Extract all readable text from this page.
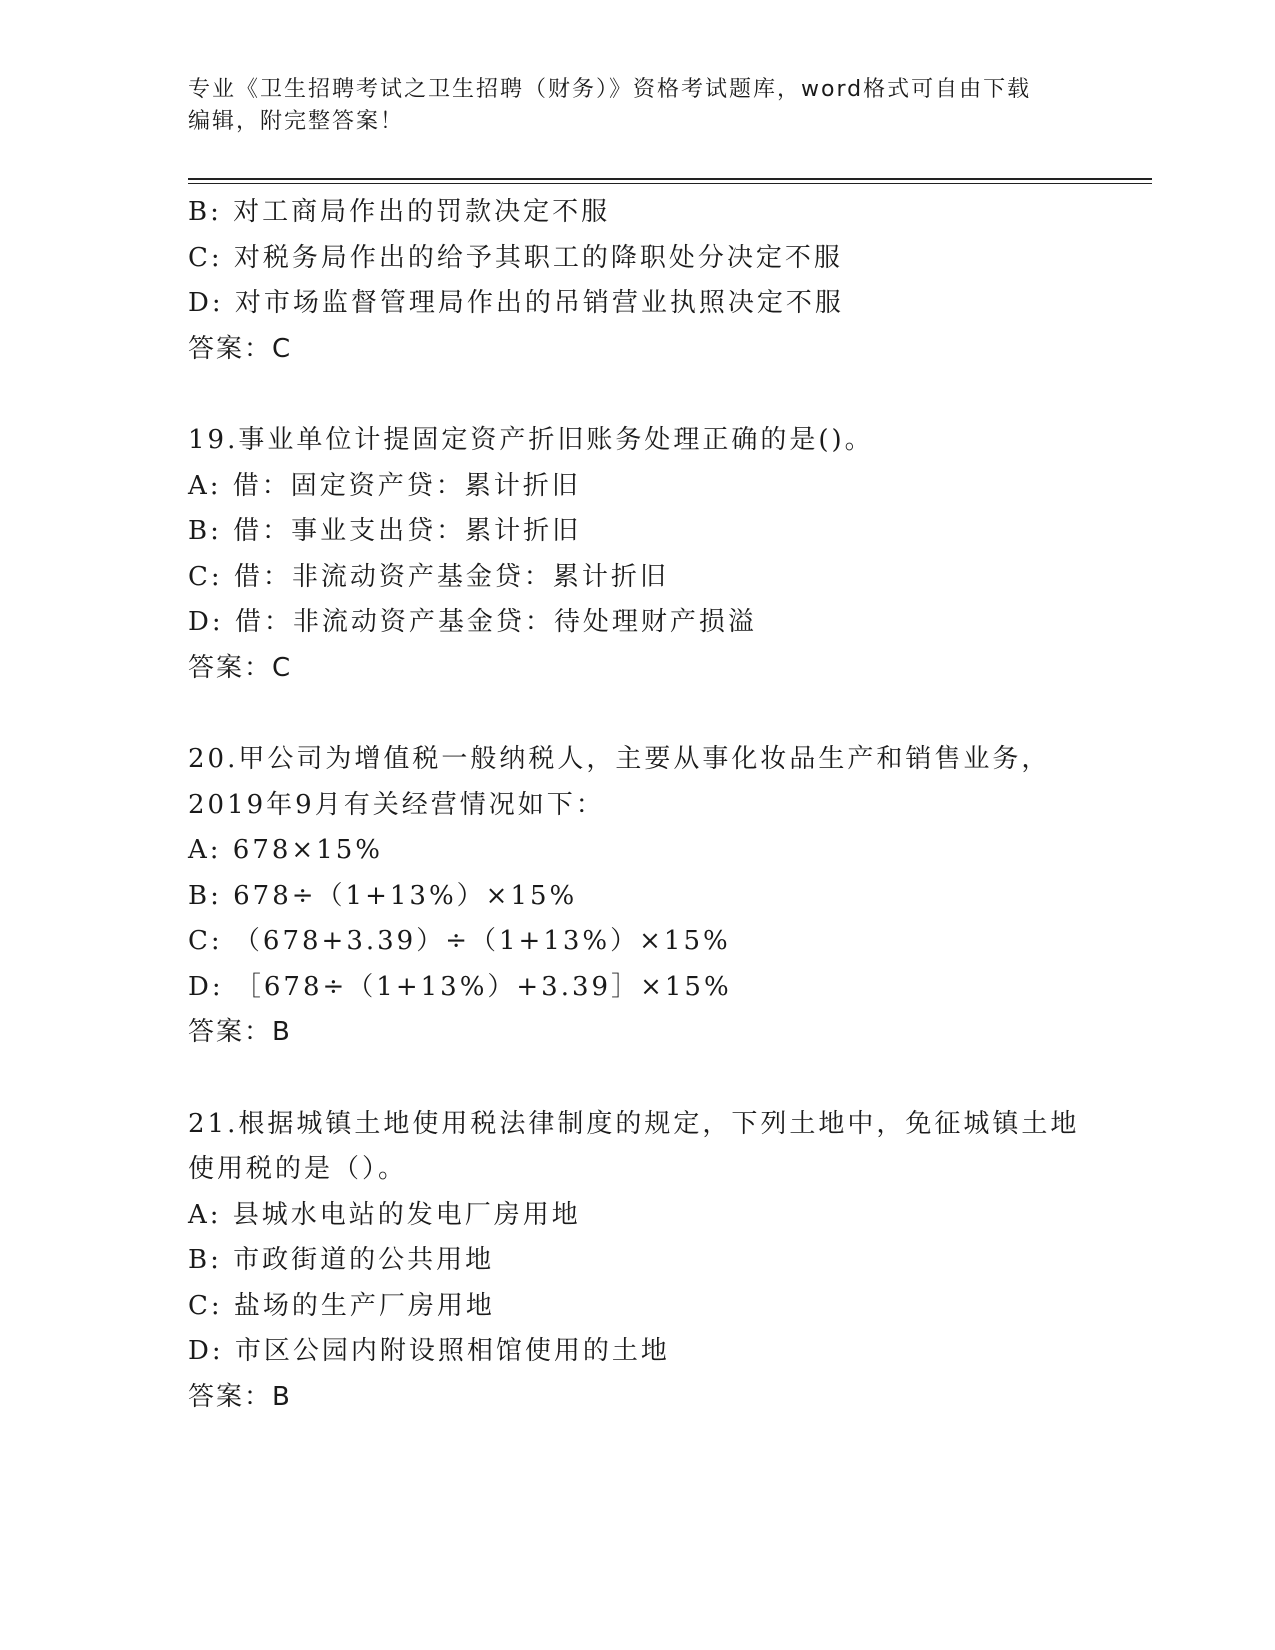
专业《卫生招聘考试之卫生招聘（财务）》资格考试题库，word格式可自由下载
编辑，附完整答案！
B: 对工商局作出的罚款决定不服
C: 对税务局作出的给予其职工的降职处分决定不服
D: 对市场监督管理局作出的吊销营业执照决定不服
答案：C
19.事业单位计提固定资产折旧账务处理正确的是()。
A: 借：固定资产贷：累计折旧
B: 借：事业支出贷：累计折旧
C: 借：非流动资产基金贷：累计折旧
D: 借：非流动资产基金贷：待处理财产损溢
答案：C
20.甲公司为增值税一般纳税人，主要从事化妆品生产和销售业务，
2019年9月有关经营情况如下：
A: 678×15%
B: 678÷（1+13%）×15%
C: （678+3.39）÷（1+13%）×15%
D: ［678÷（1+13%）+3.39］×15%
答案：B
21.根据城镇土地使用税法律制度的规定，下列土地中，免征城镇土地
使用税的是（）。
A: 县城水电站的发电厂房用地
B: 市政街道的公共用地
C: 盐场的生产厂房用地
D: 市区公园内附设照相馆使用的土地
答案：B
